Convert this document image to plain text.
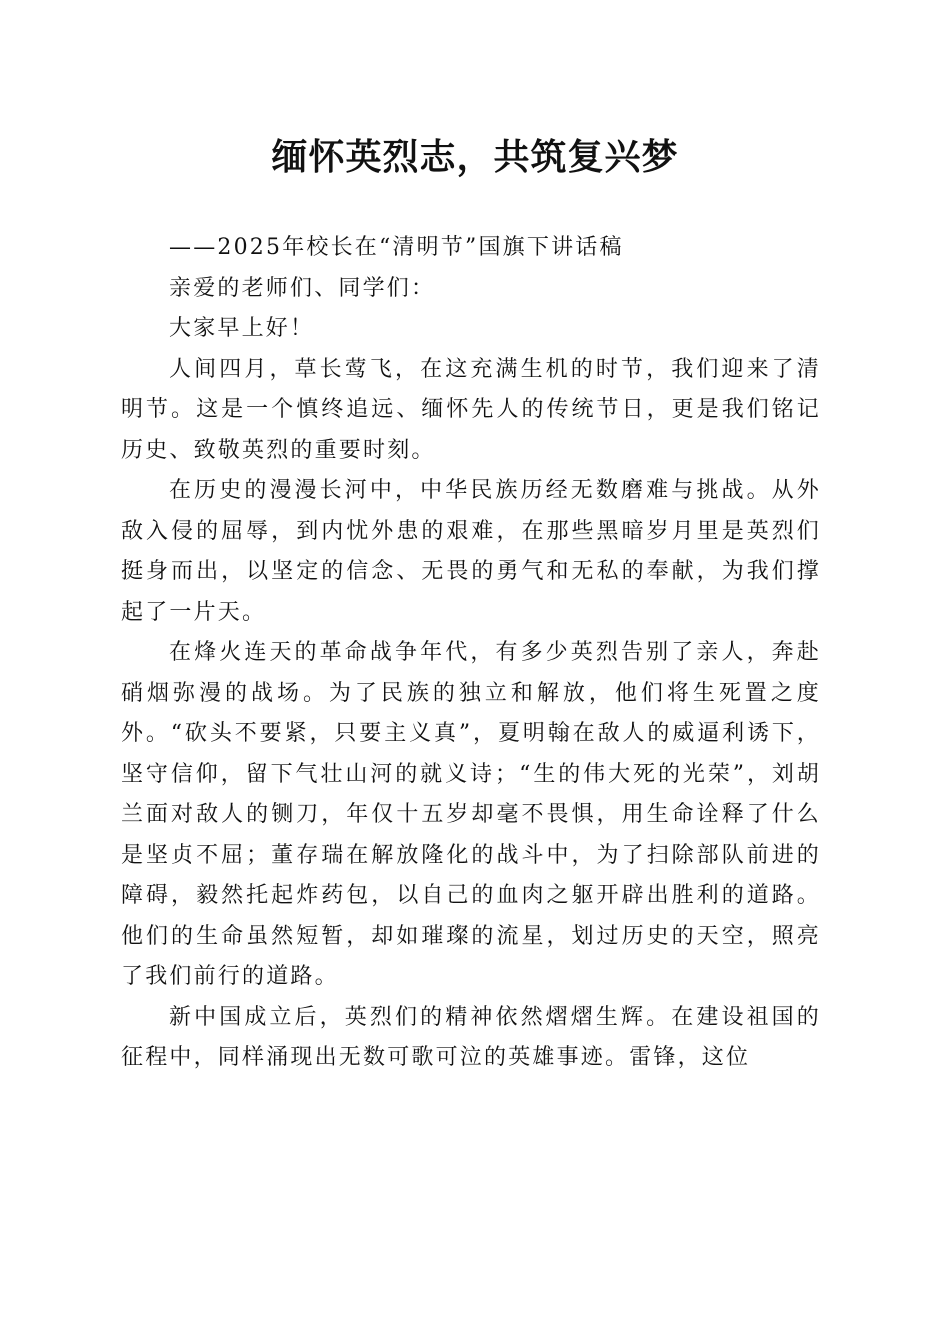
缅怀英烈志，共筑复兴梦

——2025年校长在“清明节”国旗下讲话稿

亲爱的老师们、同学们：

大家早上好！

人间四月，草长莺飞，在这充满生机的时节，我们迎来了清明节。这是一个慎终追远、缅怀先人的传统节日，更是我们铭记历史、致敬英烈的重要时刻。

在历史的漫漫长河中，中华民族历经无数磨难与挑战。从外敌入侵的屈辱，到内忧外患的艰难，在那些黑暗岁月里是英烈们挺身而出，以坚定的信念、无畏的勇气和无私的奉献，为我们撑起了一片天。

在烽火连天的革命战争年代，有多少英烈告别了亲人，奔赴硝烟弥漫的战场。为了民族的独立和解放，他们将生死置之度外。“砍头不要紧，只要主义真”，夏明翰在敌人的威逼利诱下，坚守信仰，留下气壮山河的就义诗；“生的伟大死的光荣”，刘胡兰面对敌人的铡刀，年仅十五岁却毫不畏惧，用生命诠释了什么是坚贞不屈；董存瑞在解放隆化的战斗中，为了扫除部队前进的障碍，毅然托起炸药包，以自己的血肉之躯开辟出胜利的道路。他们的生命虽然短暂，却如璀璨的流星，划过历史的天空，照亮了我们前行的道路。

新中国成立后，英烈们的精神依然熠熠生辉。在建设祖国的征程中，同样涌现出无数可歌可泣的英雄事迹。雷锋，这位
